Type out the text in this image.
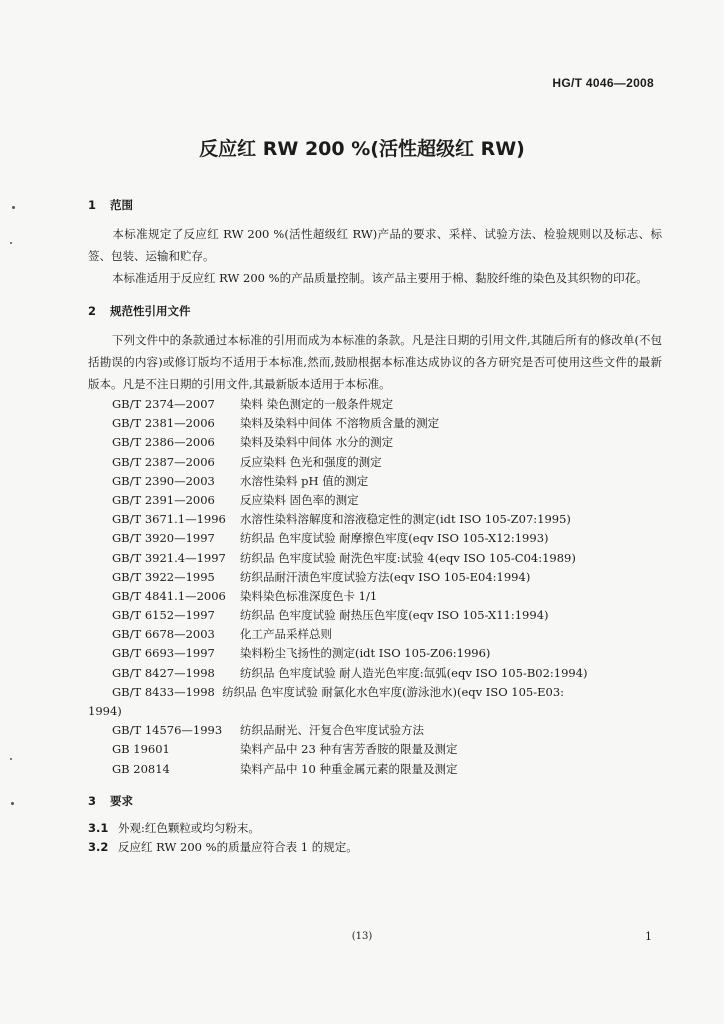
HG/T 4046—2008
反应红 RW 200 %(活性超级红 RW)
1 范围
本标准规定了反应红 RW 200 %(活性超级红 RW)产品的要求、采样、试验方法、检验规则以及标志、标签、包装、运输和贮存。
本标准适用于反应红 RW 200 %的产品质量控制。该产品主要用于棉、黏胶纤维的染色及其织物的印花。
2 规范性引用文件
下列文件中的条款通过本标准的引用而成为本标准的条款。凡是注日期的引用文件,其随后所有的修改单(不包括勘误的内容)或修订版均不适用于本标准,然而,鼓励根据本标准达成协议的各方研究是否可使用这些文件的最新版本。凡是不注日期的引用文件,其最新版本适用于本标准。
GB/T 2374—2007 染料 染色测定的一般条件规定
GB/T 2381—2006 染料及染料中间体 不溶物质含量的测定
GB/T 2386—2006 染料及染料中间体 水分的测定
GB/T 2387—2006 反应染料 色光和强度的测定
GB/T 2390—2003 水溶性染料 pH 值的测定
GB/T 2391—2006 反应染料 固色率的测定
GB/T 3671.1—1996 水溶性染料溶解度和溶液稳定性的测定(idt ISO 105-Z07:1995)
GB/T 3920—1997 纺织品 色牢度试验 耐摩擦色牢度(eqv ISO 105-X12:1993)
GB/T 3921.4—1997 纺织品 色牢度试验 耐洗色牢度:试验 4(eqv ISO 105-C04:1989)
GB/T 3922—1995 纺织品耐汗渍色牢度试验方法(eqv ISO 105-E04:1994)
GB/T 4841.1—2006 染料染色标准深度色卡 1/1
GB/T 6152—1997 纺织品 色牢度试验 耐热压色牢度(eqv ISO 105-X11:1994)
GB/T 6678—2003 化工产品采样总则
GB/T 6693—1997 染料粉尘飞扬性的测定(idt ISO 105-Z06:1996)
GB/T 8427—1998 纺织品 色牢度试验 耐人造光色牢度:氙弧(eqv ISO 105-B02:1994)
GB/T 8433—1998 纺织品 色牢度试验 耐氯化水色牢度(游泳池水)(eqv ISO 105-E03:
1994)
GB/T 14576—1993 纺织品耐光、汗复合色牢度试验方法
GB 19601	染料产品中 23 种有害芳香胺的限量及测定
GB 20814	染料产品中 10 种重金属元素的限量及测定
3 要求
3.1 外观:红色颗粒或均匀粉末。
3.2 反应红 RW 200 %的质量应符合表 1 的规定。
(13)	1
